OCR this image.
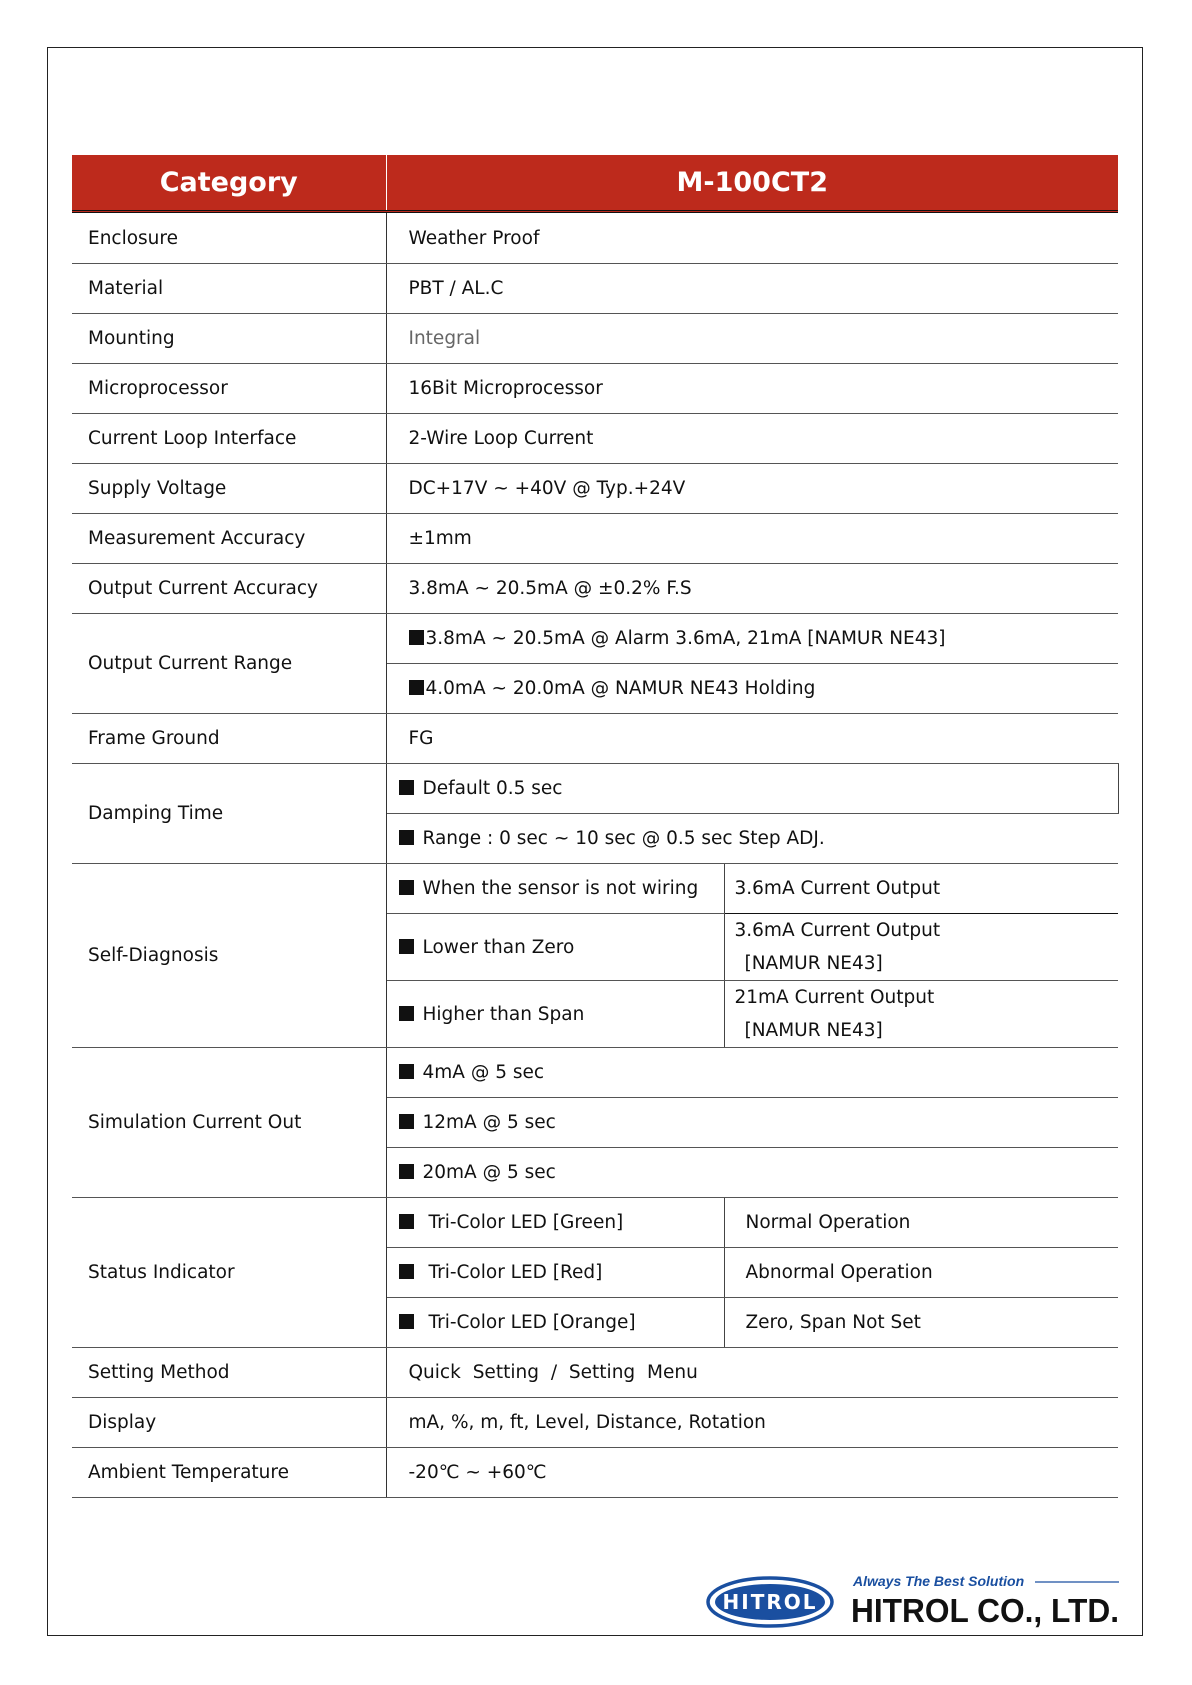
Category	M-100CT2	
Enclosure	Weather Proof	
Material	PBT / AL.C	
Mounting	Integral	
Microprocessor	16Bit Microprocessor	
Current Loop Interface	2-Wire Loop Current	
Supply Voltage	DC+17V ~ +40V @ Typ.+24V	
Measurement Accuracy	±1mm	
Output Current Accuracy	3.8mA ~ 20.5mA @ ±0.2% F.S	
Output Current Range	3.8mA ~ 20.5mA @ Alarm 3.6mA, 21mA [NAMUR NE43]	
	4.0mA ~ 20.0mA @ NAMUR NE43 Holding	
Frame Ground	FG	
Damping Time	Default 0.5 sec	
	Range : 0 sec ~ 10 sec @ 0.5 sec Step ADJ.	
Self-Diagnosis	When the sensor is not wiring	3.6mA Current Output
	Lower than Zero	3.6mA Current Output
[NAMUR NE43]
	Higher than Span	21mA Current Output
[NAMUR NE43]
Simulation Current Out	4mA @ 5 sec	
	12mA @ 5 sec	
	20mA @ 5 sec	
Status Indicator	Tri-Color LED [Green]	Normal Operation
	Tri-Color LED [Red]	Abnormal Operation
	Tri-Color LED [Orange]	Zero, Span Not Set
Setting Method	Quick Setting / Setting Menu	
Display	mA, %, m, ft, Level, Distance, Rotation	
Ambient Temperature	-20℃ ~ +60℃	
HITROL
Always The Best Solution
HITROL CO., LTD.
